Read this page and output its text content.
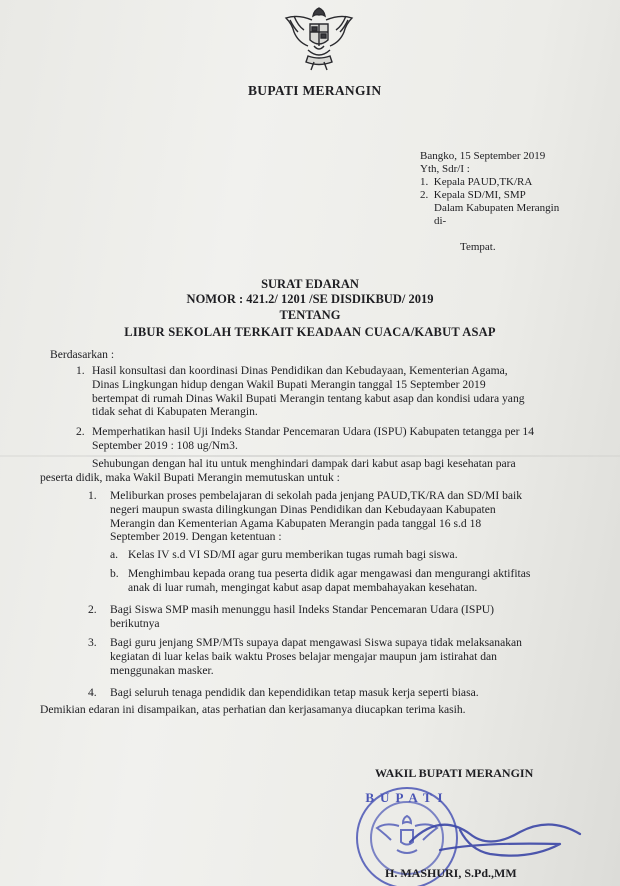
BUPATI MERANGIN
Bangko, 15 September 2019
Yth, Sdr/I :
1. Kepala PAUD,TK/RA
2. Kepala SD/MI, SMP
Dalam Kabupaten Merangin
di-
Tempat.
SURAT EDARAN
NOMOR : 421.2/ 1201 /SE DISDIKBUD/ 2019
TENTANG
LIBUR SEKOLAH TERKAIT KEADAAN CUACA/KABUT ASAP
Berdasarkan :
1. Hasil konsultasi dan koordinasi Dinas Pendidikan dan Kebudayaan, Kementerian Agama,
Dinas Lingkungan hidup dengan Wakil Bupati Merangin tanggal 15 September 2019
bertempat di rumah Dinas Wakil Bupati Merangin tentang kabut asap dan kondisi udara yang
tidak sehat di Kabupaten Merangin.
2. Memperhatikan hasil Uji Indeks Standar Pencemaran Udara (ISPU) Kabupaten tetangga per 14
September 2019 : 108 ug/Nm3.
Sehubungan dengan hal itu untuk menghindari dampak dari kabut asap bagi kesehatan para
peserta didik, maka Wakil Bupati Merangin memutuskan untuk :
1. Meliburkan proses pembelajaran di sekolah pada jenjang PAUD,TK/RA dan SD/MI baik
negeri maupun swasta dilingkungan Dinas Pendidikan dan Kebudayaan Kabupaten
Merangin dan Kementerian Agama Kabupaten Merangin pada tanggal 16 s.d 18
September 2019. Dengan ketentuan :
a. Kelas IV s.d VI SD/MI agar guru memberikan tugas rumah bagi siswa.
b. Menghimbau kepada orang tua peserta didik agar mengawasi dan mengurangi aktifitas
anak di luar rumah, mengingat kabut asap dapat membahayakan kesehatan.
2. Bagi Siswa SMP masih menunggu hasil Indeks Standar Pencemaran Udara (ISPU)
berikutnya
3. Bagi guru jenjang SMP/MTs supaya dapat mengawasi Siswa supaya tidak melaksanakan
kegiatan di luar kelas baik waktu Proses belajar mengajar maupun jam istirahat dan
menggunakan masker.
4. Bagi seluruh tenaga pendidik dan kependidikan tetap masuk kerja seperti biasa.
Demikian edaran ini disampaikan, atas perhatian dan kerjasamanya diucapkan terima kasih.
WAKIL BUPATI MERANGIN
BUPATI
H. MASHURI, S.Pd.,MM
